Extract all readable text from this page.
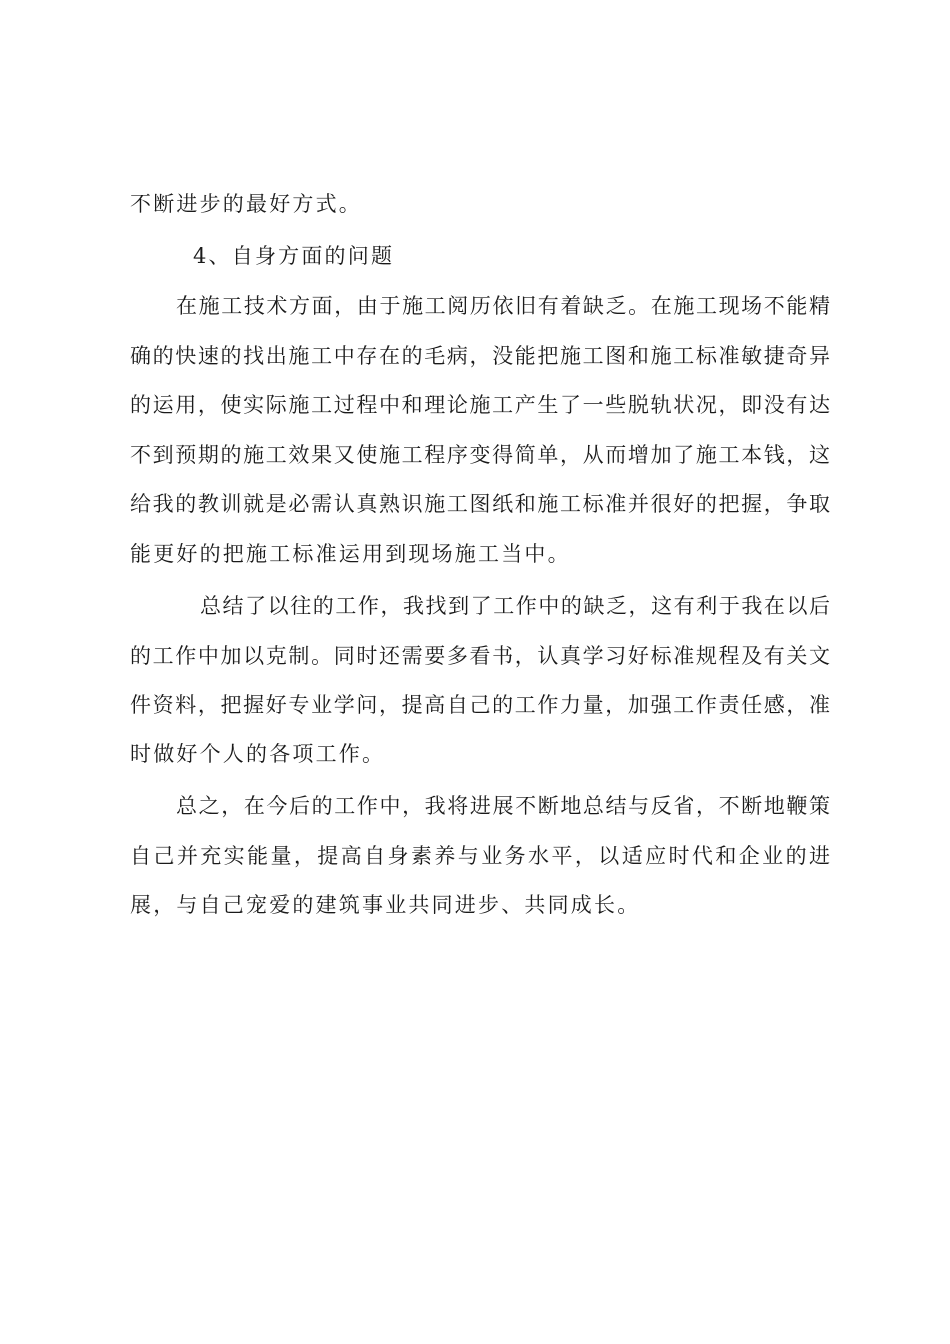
不断进步的最好方式。
4、自身方面的问题
在施工技术方面，由于施工阅历依旧有着缺乏。在施工现场不能精
确的快速的找出施工中存在的毛病，没能把施工图和施工标准敏捷奇异
的运用，使实际施工过程中和理论施工产生了一些脱轨状况，即没有达
不到预期的施工效果又使施工程序变得简单，从而增加了施工本钱，这
给我的教训就是必需认真熟识施工图纸和施工标准并很好的把握，争取
能更好的把施工标准运用到现场施工当中。
总结了以往的工作，我找到了工作中的缺乏，这有利于我在以后
的工作中加以克制。同时还需要多看书，认真学习好标准规程及有关文
件资料，把握好专业学问，提高自己的工作力量，加强工作责任感，准
时做好个人的各项工作。
总之，在今后的工作中，我将进展不断地总结与反省，不断地鞭策
自己并充实能量，提高自身素养与业务水平，以适应时代和企业的进
展，与自己宠爱的建筑事业共同进步、共同成长。
